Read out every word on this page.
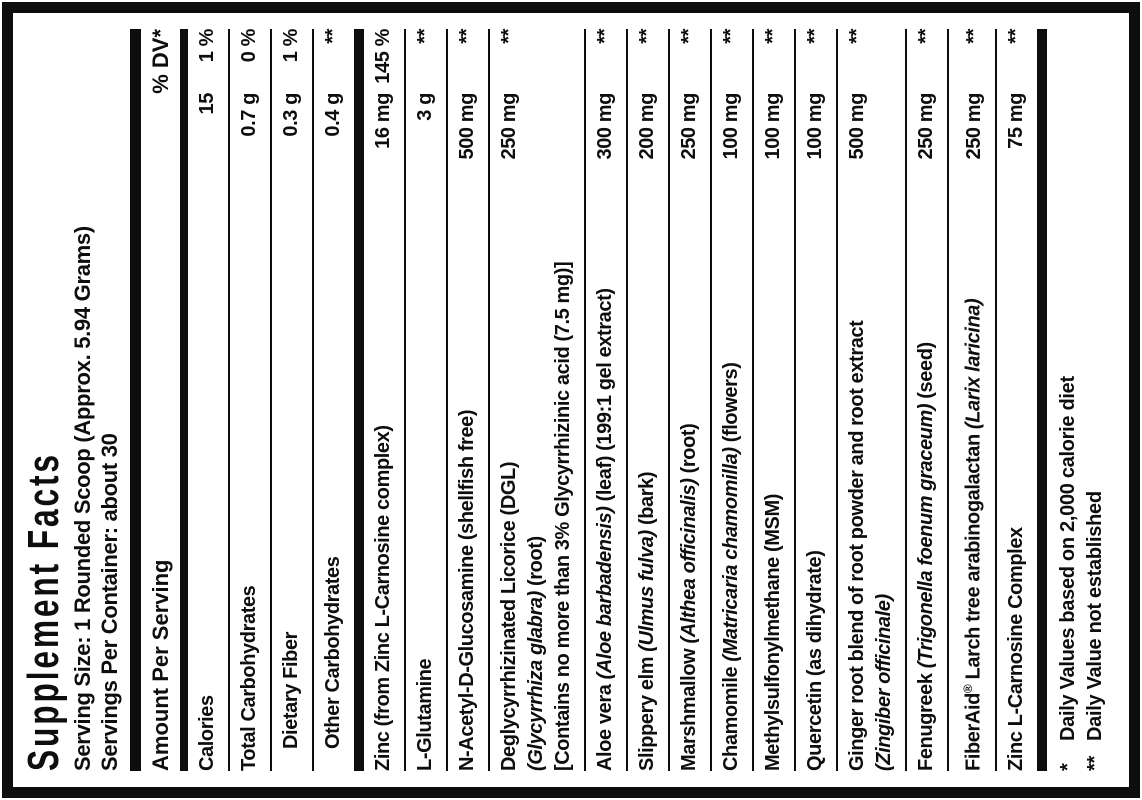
Supplement Facts Serving Size: 1 Rounded Scoop (Approx. 5.94 Grams) Servings Per Container: about 30 Amount Per Serving
% DV*
Calories
15
1 %
Total Carbohydrates
0.7 g
0 %
Dietary Fiber
0.3 g
1 %
Other Carbohydrates
0.4 g
**
Zinc (from Zinc L-Carnosine complex)
16 mg
145 %
L-Glutamine
3 g
**
N-Acetyl-D-Glucosamine (shellfish free)
500 mg
**
Deglycyrrhizinated Licorice (DGL)
250 mg
**
(Glycyrrhiza glabra) (root) [Contains no more than 3% Glycyrrhizinic acid (7.5 mg)] Aloe vera (Aloe barbadensis) (leaf) (199:1 gel extract)
300 mg
**
Slippery elm (Ulmus fulva) (bark)
200 mg
**
Marshmallow (Althea officinalis) (root)
250 mg
**
Chamomile (Matricaria chamomilla) (flowers)
100 mg
**
Methylsulfonylmethane (MSM)
100 mg
**
Quercetin (as dihydrate)
100 mg
**
Ginger root blend of root powder and root extract
500 mg
**
(Zingiber officinale) Fenugreek (Trigonella foenum graceum) (seed)
250 mg
**
FiberAid® Larch tree arabinogalactan (Larix laricina)
250 mg
**
Zinc L-Carnosine Complex
75 mg
**
*
Daily Values based on 2,000 calorie diet
**
Daily Value not established
